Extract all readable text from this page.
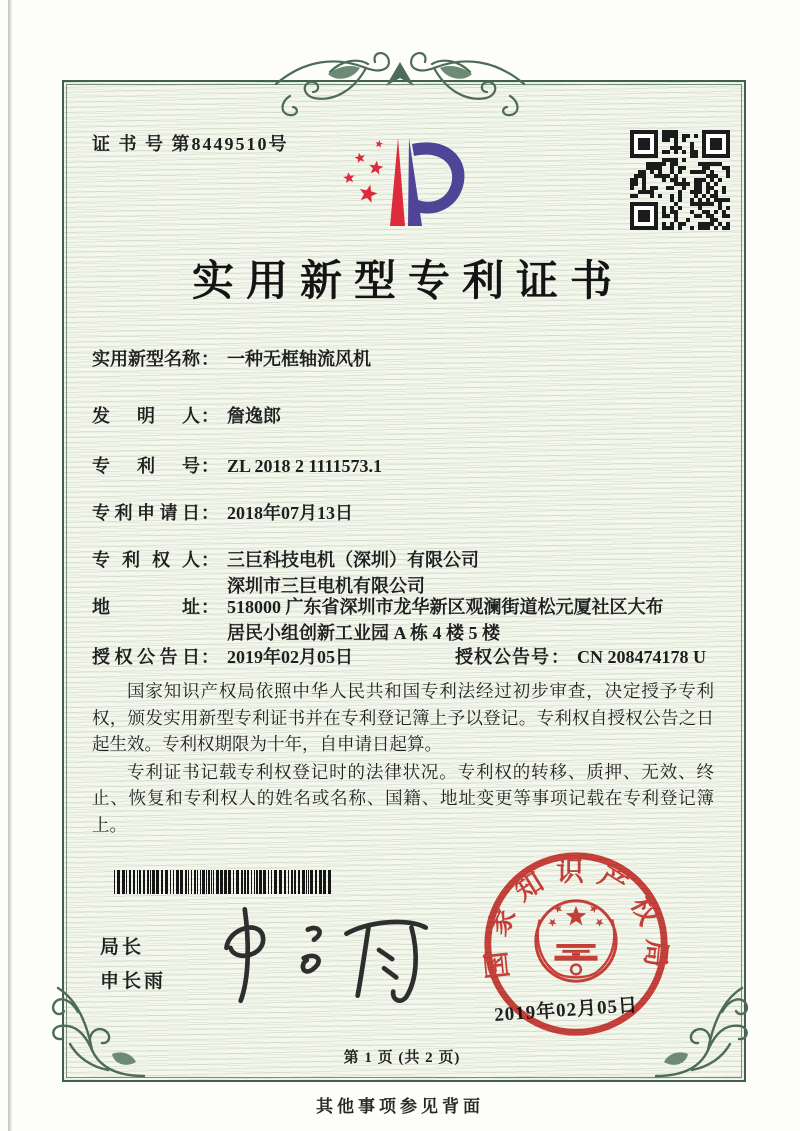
证 书 号 第8449510号
实用新型专利证书
实用新型名称 ： 一种无框轴流风机
发明人 ： 詹逸郎
专利号 ： ZL 2018 2 1111573.1
专利申请日 ： 2018年07月13日
专利权人 ： 三巨科技电机（深圳）有限公司
深圳市三巨电机有限公司
地址 ： 518000 广东省深圳市龙华新区观澜街道松元厦社区大布
居民小组创新工业园 A 栋 4 楼 5 楼
授权公告日 ： 2019年02月05日	授权公告号 ： CN 208474178 U

国家知识产权局依照中华人民共和国专利法经过初步审查，决定授予专利权，颁发实用新型专利证书并在专利登记簿上予以登记。专利权自授权公告之日起生效。专利权期限为十年，自申请日起算。

专利证书记载专利权登记时的法律状况。专利权的转移、质押、无效、终止、恢复和专利权人的姓名或名称、国籍、地址变更等事项记载在专利登记簿上。

局长
申长雨
2019年02月05日
国家知识产权局
第 1 页 (共 2 页)
其他事项参见背面
